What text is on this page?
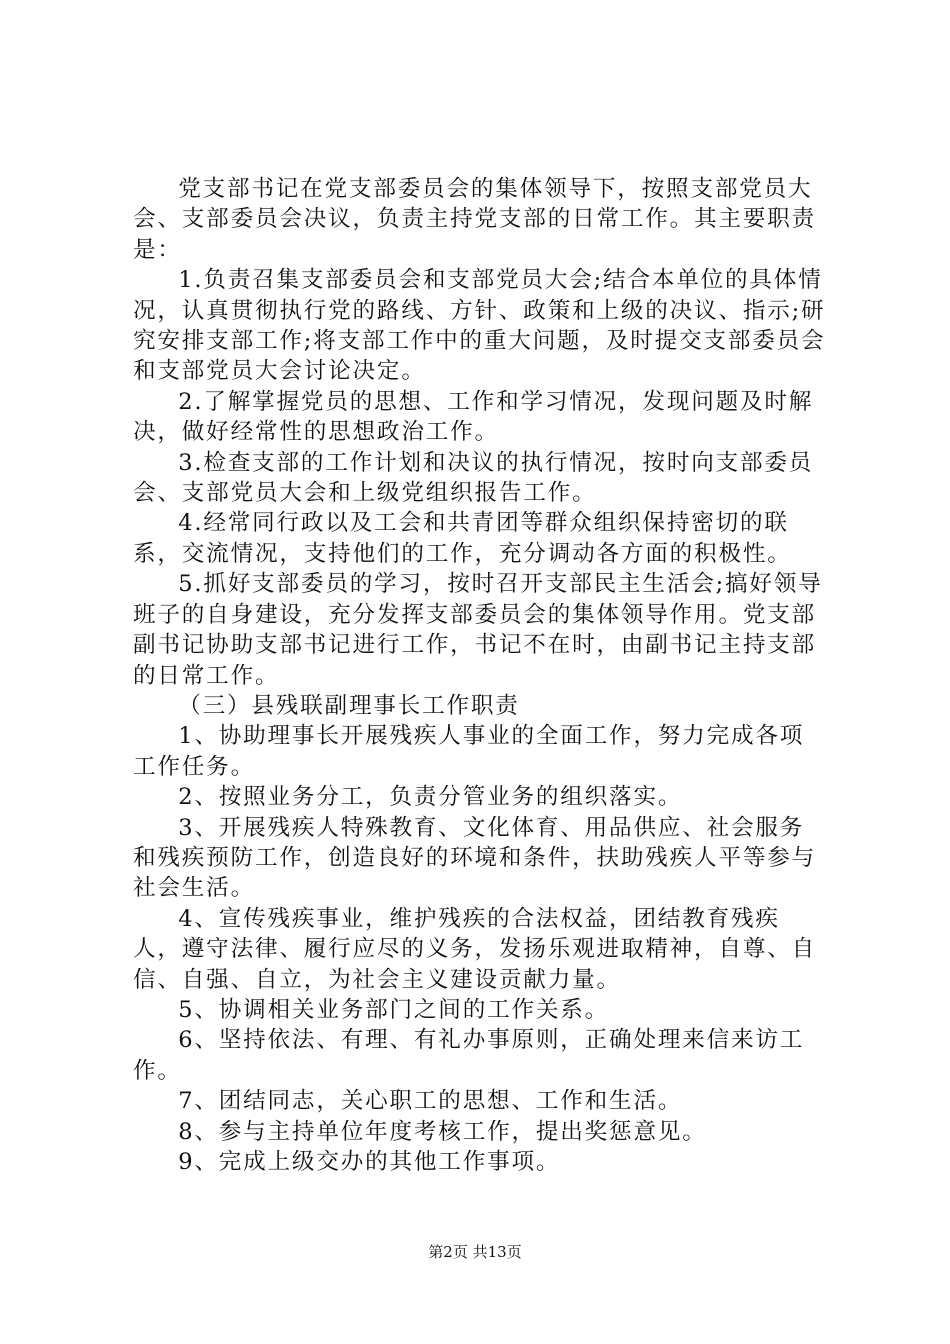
党支部书记在党支部委员会的集体领导下，按照支部党员大会、支部委员会决议，负责主持党支部的日常工作。其主要职责是：

1.负责召集支部委员会和支部党员大会;结合本单位的具体情况，认真贯彻执行党的路线、方针、政策和上级的决议、指示;研究安排支部工作;将支部工作中的重大问题，及时提交支部委员会和支部党员大会讨论决定。

2.了解掌握党员的思想、工作和学习情况，发现问题及时解决，做好经常性的思想政治工作。

3.检查支部的工作计划和决议的执行情况，按时向支部委员会、支部党员大会和上级党组织报告工作。

4.经常同行政以及工会和共青团等群众组织保持密切的联系，交流情况，支持他们的工作，充分调动各方面的积极性。

5.抓好支部委员的学习，按时召开支部民主生活会;搞好领导班子的自身建设，充分发挥支部委员会的集体领导作用。党支部副书记协助支部书记进行工作，书记不在时，由副书记主持支部的日常工作。

（三）县残联副理事长工作职责

1、协助理事长开展残疾人事业的全面工作，努力完成各项工作任务。

2、按照业务分工，负责分管业务的组织落实。

3、开展残疾人特殊教育、文化体育、用品供应、社会服务和残疾预防工作，创造良好的环境和条件，扶助残疾人平等参与社会生活。

4、宣传残疾事业，维护残疾的合法权益，团结教育残疾人，遵守法律、履行应尽的义务，发扬乐观进取精神，自尊、自信、自强、自立，为社会主义建设贡献力量。

5、协调相关业务部门之间的工作关系。

6、坚持依法、有理、有礼办事原则，正确处理来信来访工作。

7、团结同志，关心职工的思想、工作和生活。

8、参与主持单位年度考核工作，提出奖惩意见。

9、完成上级交办的其他工作事项。

第2页 共13页
